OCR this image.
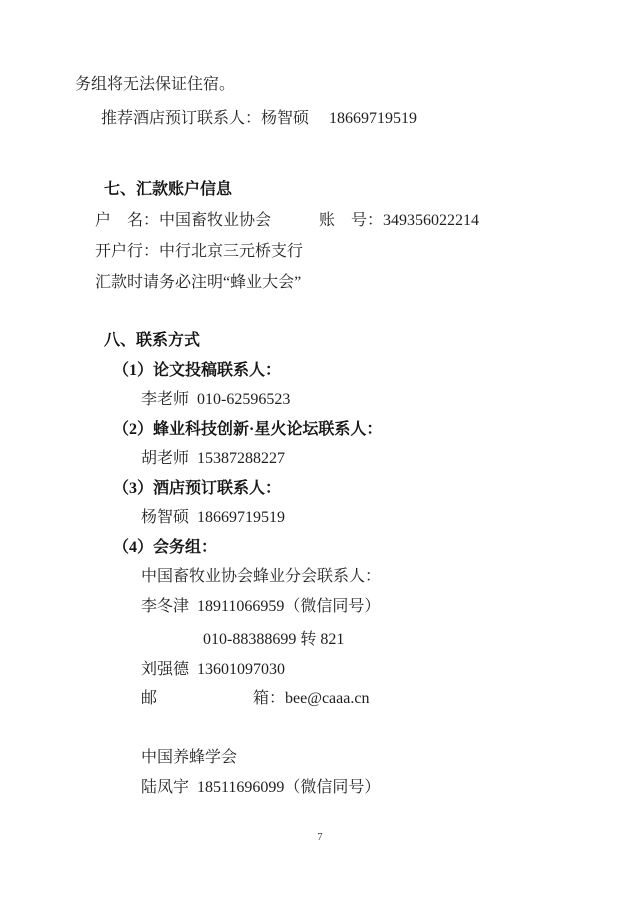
务组将无法保证住宿。

推荐酒店预订联系人：杨智硕　 18669719519

七、汇款账户信息

户　名：中国畜牧业协会　　　账　号：349356022214

开户行：中行北京三元桥支行

汇款时请务必注明“蜂业大会”

八、联系方式

（1）论文投稿联系人：

李老师  010-62596523

（2）蜂业科技创新·星火论坛联系人：

胡老师  15387288227

（3）酒店预订联系人：

杨智硕  18669719519

（4）会务组：

中国畜牧业协会蜂业分会联系人：

李冬津  18911066959（微信同号）

010-88388699 转 821

刘强德  13601097030

邮　　　　　　箱：bee@caaa.cn

中国养蜂学会

陆凤宇  18511696099（微信同号）

7
